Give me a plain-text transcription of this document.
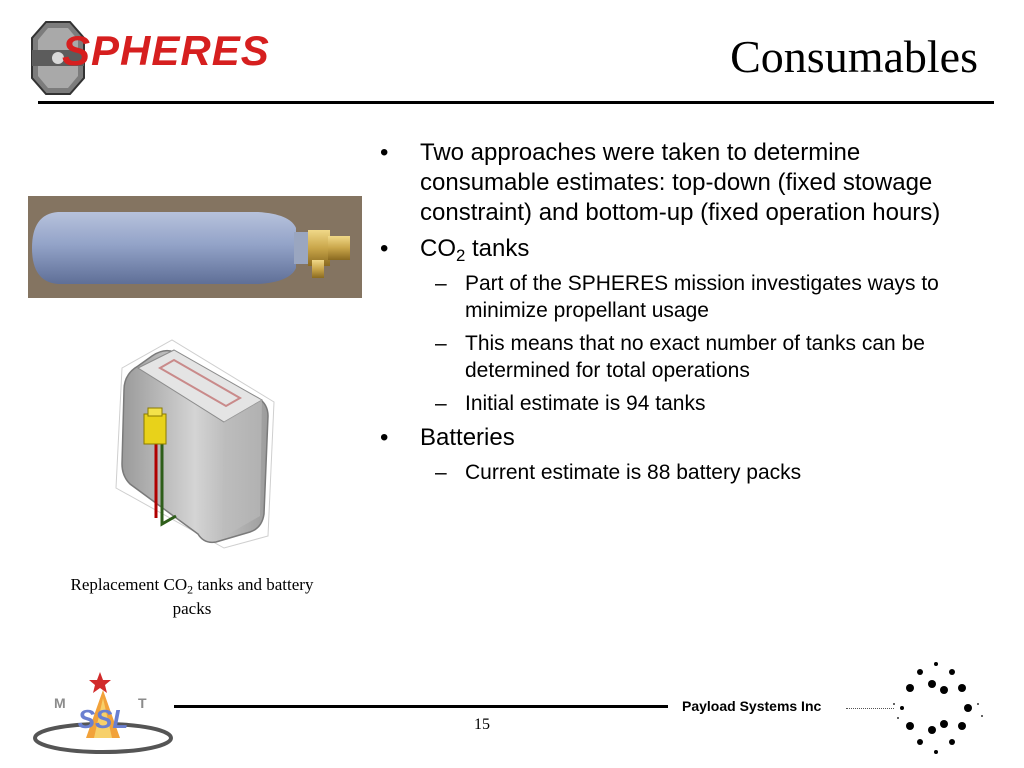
SPHERES	Consumables
Replacement $CO_2$ tanks and battery packs
• Two approaches were taken to determine consumable estimates: top-down (fixed stowage constraint) and bottom-up (fixed operation hours)
• $CO_2$ tanks
– Part of the SPHERES mission investigates ways to minimize propellant usage
– This means that no exact number of tanks can be determined for total operations
– Initial estimate is 94 tanks
• Batteries
– Current estimate is 88 battery packs
M	T
SSL	Payload Systems Inc
15
